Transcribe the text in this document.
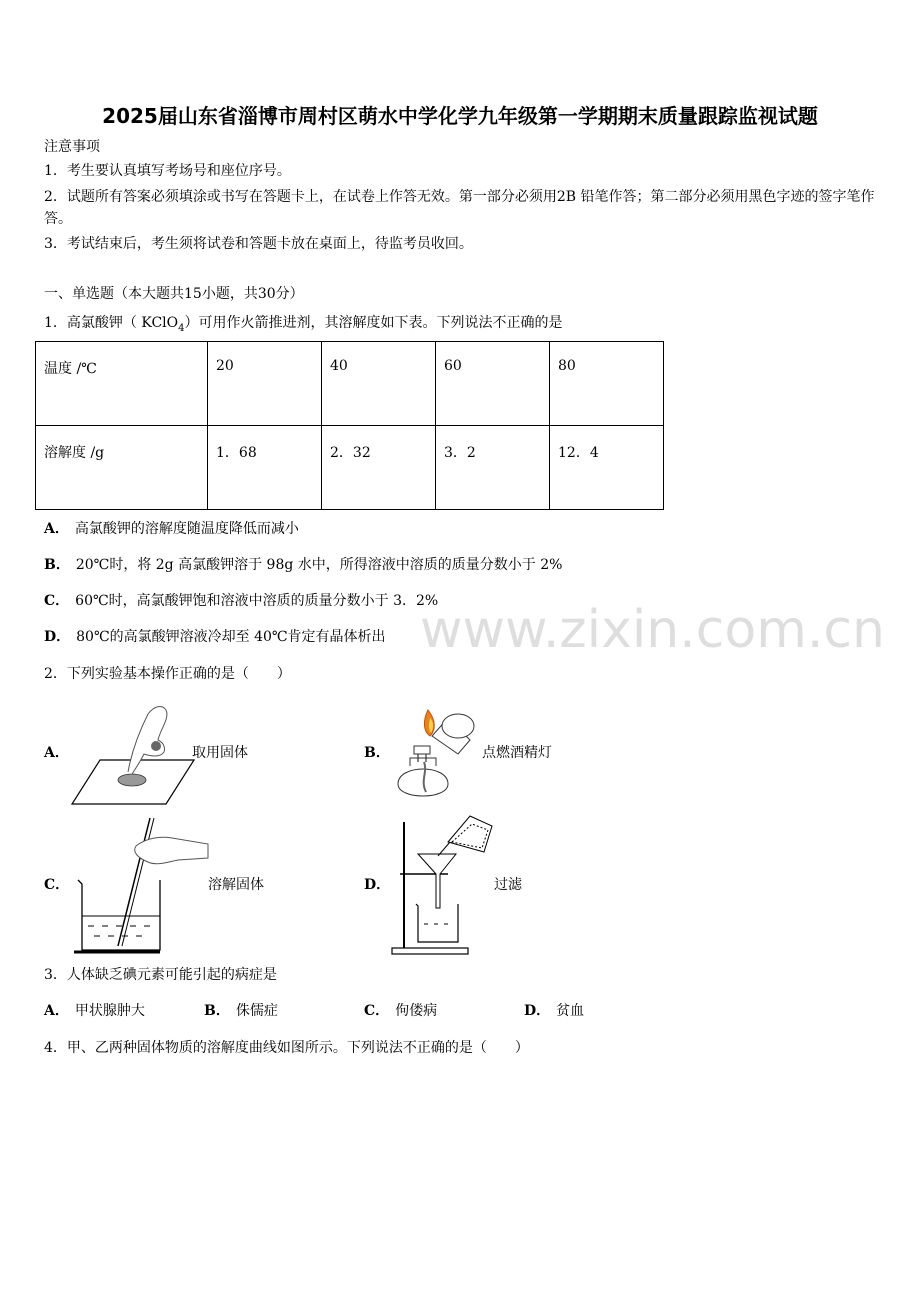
2025届山东省淄博市周村区萌水中学化学九年级第一学期期末质量跟踪监视试题
注意事项
1．考生要认真填写考场号和座位序号。
2．试题所有答案必须填涂或书写在答题卡上，在试卷上作答无效。第一部分必须用2B 铅笔作答；第二部分必须用黑色字迹的签字笔作答。
3．考试结束后，考生须将试卷和答题卡放在桌面上，待监考员收回。
一、单选题（本大题共15小题，共30分）
1．高氯酸钾（ KClO$_4$）可用作火箭推进剂，其溶解度如下表。下列说法不正确的是
温度 /℃	20	40	60	80
溶解度 /g	1．68	2．32	3．2	12．4
A． 高氯酸钾的溶解度随温度降低而减小
B． 20℃时，将 2g 高氯酸钾溶于 98g 水中，所得溶液中溶质的质量分数小于 2%
C． 60℃时，高氯酸钾饱和溶液中溶质的质量分数小于 3．2%
D． 80℃的高氯酸钾溶液冷却至 40℃肯定有晶体析出 www.zixin.com.cn
2．下列实验基本操作正确的是（　　）
A．	取用固体	B．	点燃酒精灯
C．	溶解固体	D．	过滤
3．人体缺乏碘元素可能引起的病症是
A． 甲状腺肿大	B． 侏儒症	C． 佝偻病	D． 贫血
4．甲、乙两种固体物质的溶解度曲线如图所示。下列说法不正确的是（　　）
